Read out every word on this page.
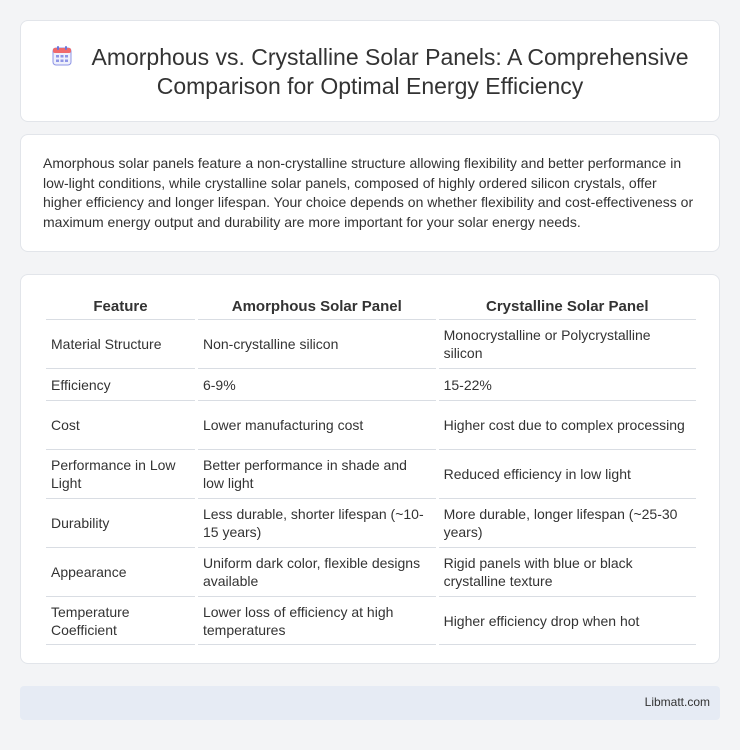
Amorphous vs. Crystalline Solar Panels: A Comprehensive Comparison for Optimal Energy Efficiency

Amorphous solar panels feature a non-crystalline structure allowing flexibility and better performance in low-light conditions, while crystalline solar panels, composed of highly ordered silicon crystals, offer higher efficiency and longer lifespan. Your choice depends on whether flexibility and cost-effectiveness or maximum energy output and durability are more important for your solar energy needs.

Feature	Amorphous Solar Panel	Crystalline Solar Panel
Material Structure	Non-crystalline silicon	Monocrystalline or Polycrystalline silicon
Efficiency	6-9%	15-22%
Cost	Lower manufacturing cost	Higher cost due to complex processing
Performance in Low Light	Better performance in shade and low light	Reduced efficiency in low light
Durability	Less durable, shorter lifespan (~10-15 years)	More durable, longer lifespan (~25-30 years)
Appearance	Uniform dark color, flexible designs available	Rigid panels with blue or black crystalline texture
Temperature Coefficient	Lower loss of efficiency at high temperatures	Higher efficiency drop when hot
Libmatt.com
